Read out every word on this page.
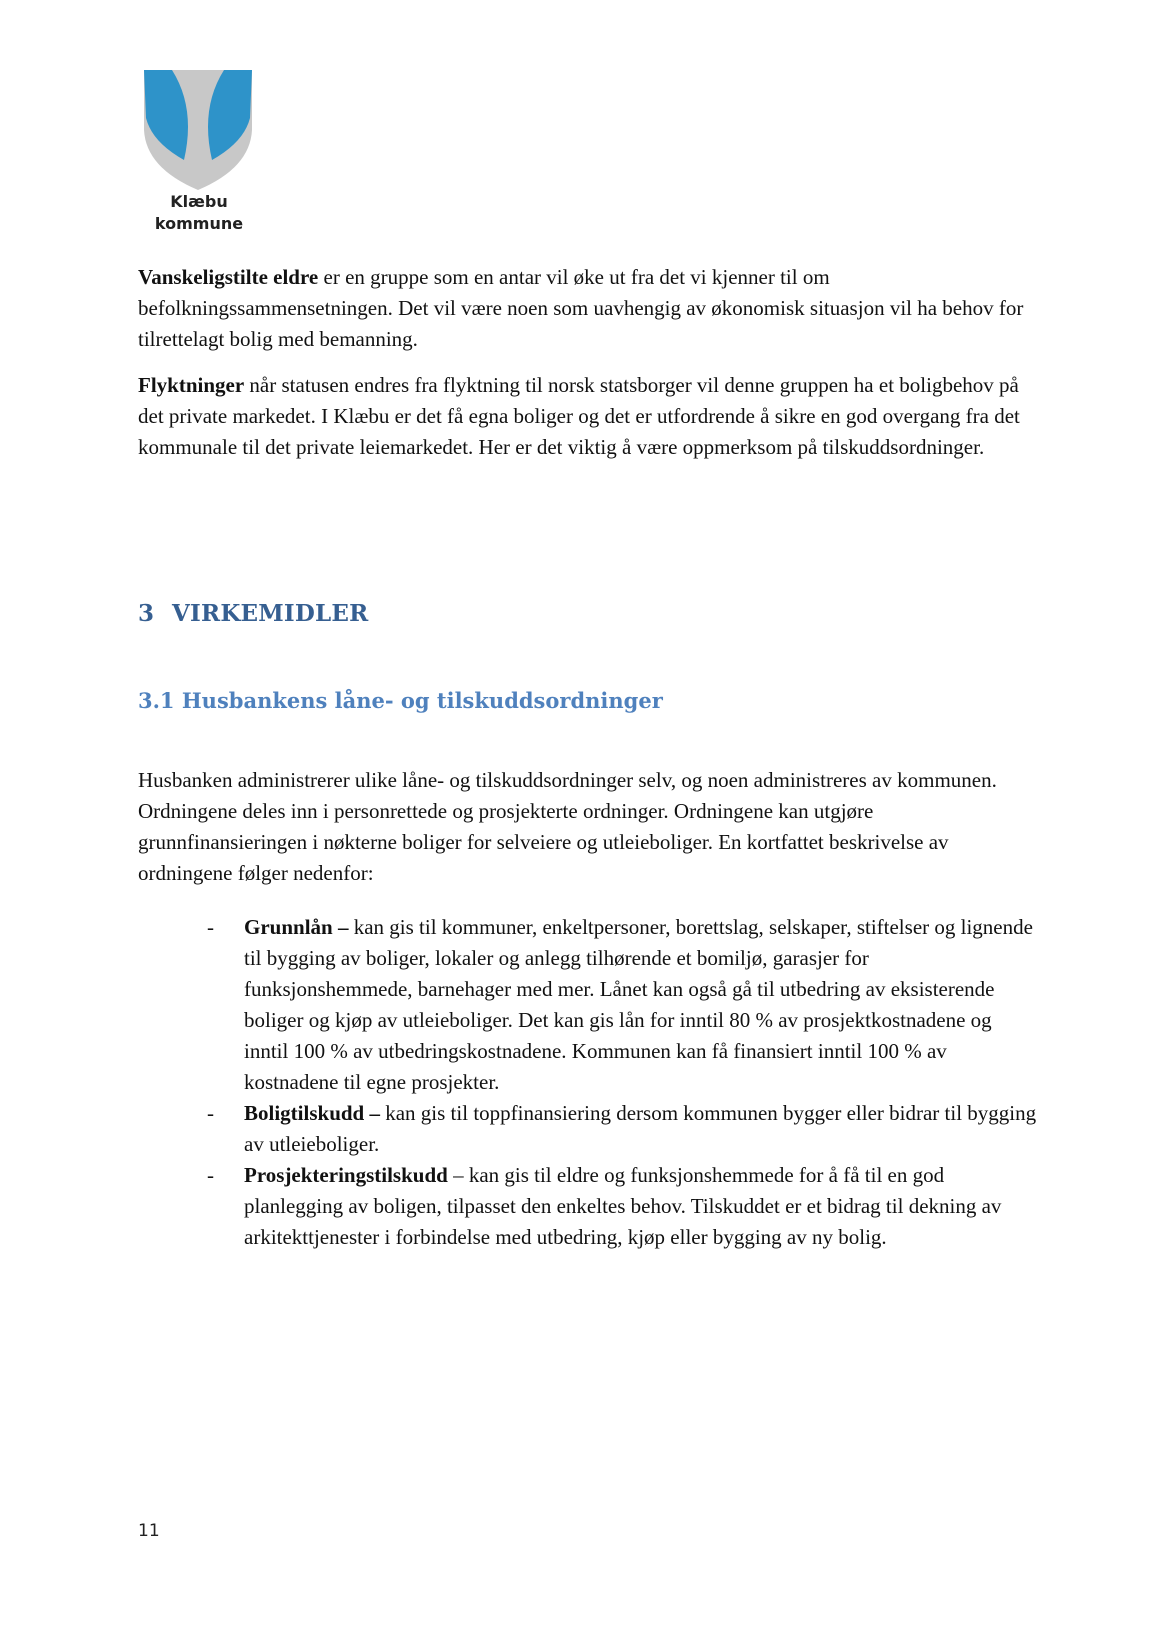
Klæbu
kommune

Vanskeligstilte eldre er en gruppe som en antar vil øke ut fra det vi kjenner til om befolkningssammensetningen. Det vil være noen som uavhengig av økonomisk situasjon vil ha behov for tilrettelagt bolig med bemanning.

Flyktninger når statusen endres fra flyktning til norsk statsborger vil denne gruppen ha et boligbehov på det private markedet. I Klæbu er det få egna boliger og det er utfordrende å sikre en god overgang fra det kommunale til det private leiemarkedet. Her er det viktig å være oppmerksom på tilskuddsordninger.

3 VIRKEMIDLER
3.1 Husbankens låne- og tilskuddsordninger

Husbanken administrerer ulike låne- og tilskuddsordninger selv, og noen administreres av kommunen. Ordningene deles inn i personrettede og prosjekterte ordninger. Ordningene kan utgjøre grunnfinansieringen i nøkterne boliger for selveiere og utleieboliger. En kortfattet beskrivelse av ordningene følger nedenfor:

- Grunnlån – kan gis til kommuner, enkeltpersoner, borettslag, selskaper, stiftelser og lignende til bygging av boliger, lokaler og anlegg tilhørende et bomiljø, garasjer for funksjonshemmede, barnehager med mer. Lånet kan også gå til utbedring av eksisterende boliger og kjøp av utleieboliger. Det kan gis lån for inntil 80 % av prosjektkostnadene og inntil 100 % av utbedringskostnadene. Kommunen kan få finansiert inntil 100 % av kostnadene til egne prosjekter.
- Boligtilskudd – kan gis til toppfinansiering dersom kommunen bygger eller bidrar til bygging av utleieboliger.
- Prosjekteringstilskudd – kan gis til eldre og funksjonshemmede for å få til en god planlegging av boligen, tilpasset den enkeltes behov. Tilskuddet er et bidrag til dekning av arkitekttjenester i forbindelse med utbedring, kjøp eller bygging av ny bolig.
11
